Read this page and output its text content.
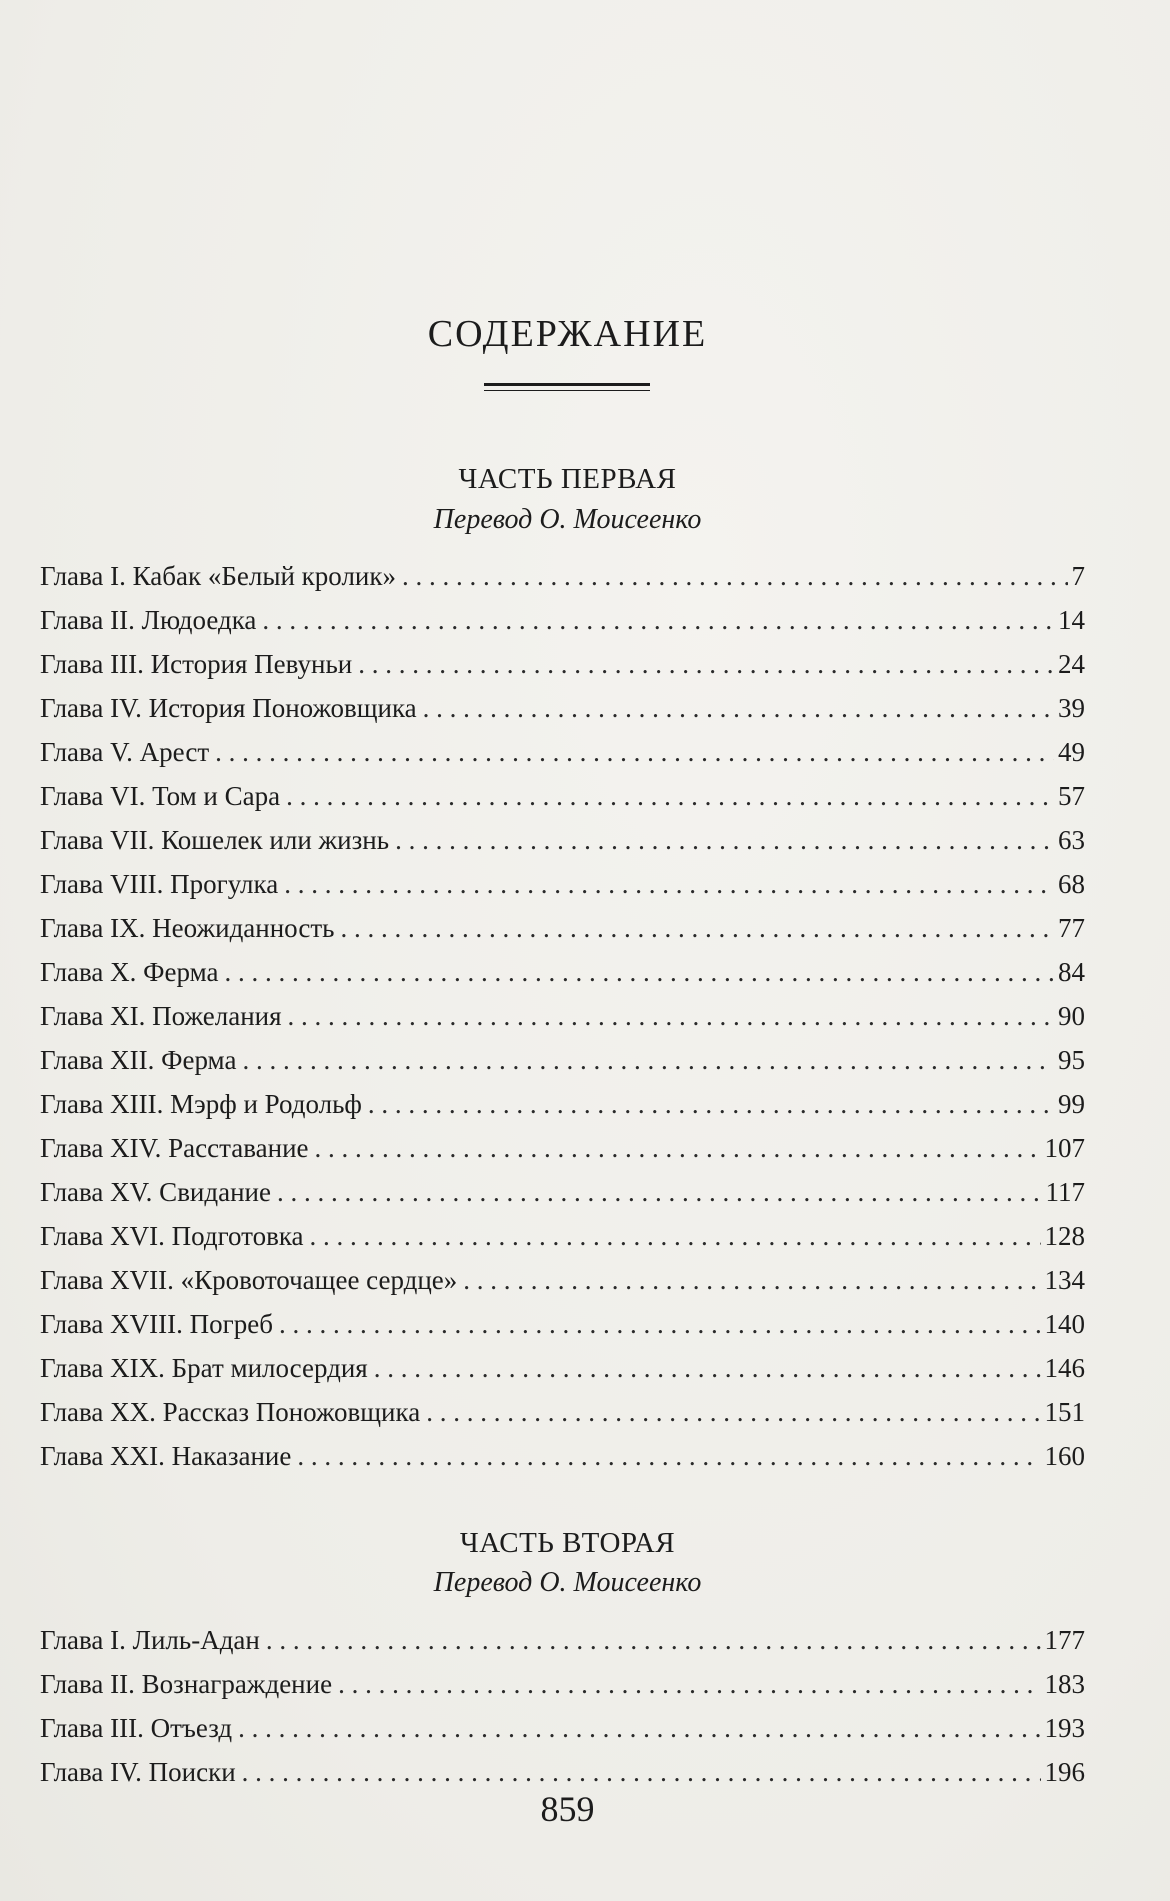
СОДЕРЖАНИЕ
ЧАСТЬ ПЕРВАЯ
Перевод О. Моисеенко
Глава I. Кабак «Белый кролик» . . .	7
Глава II. Людоедка . . .	14
Глава III. История Певуньи . . .	24
Глава IV. История Поножовщика . . .	39
Глава V. Арест . . .	49
Глава VI. Том и Сара . . .	57
Глава VII. Кошелек или жизнь . . .	63
Глава VIII. Прогулка . . .	68
Глава IX. Неожиданность . . .	77
Глава X. Ферма . . .	84
Глава XI. Пожелания . . .	90
Глава XII. Ферма . . .	95
Глава XIII. Мэрф и Родольф . . .	99
Глава XIV. Расставание . . .	107
Глава XV. Свидание . . .	117
Глава XVI. Подготовка . . .	128
Глава XVII. «Кровоточащее сердце» . . .	134
Глава XVIII. Погреб . . .	140
Глава XIX. Брат милосердия . . .	146
Глава XX. Рассказ Поножовщика . . .	151
Глава XXI. Наказание . . .	160
ЧАСТЬ ВТОРАЯ
Перевод О. Моисеенко
Глава I. Лиль-Адан . . .	177
Глава II. Вознаграждение . . .	183
Глава III. Отъезд . . .	193
Глава IV. Поиски . . .	196
859
